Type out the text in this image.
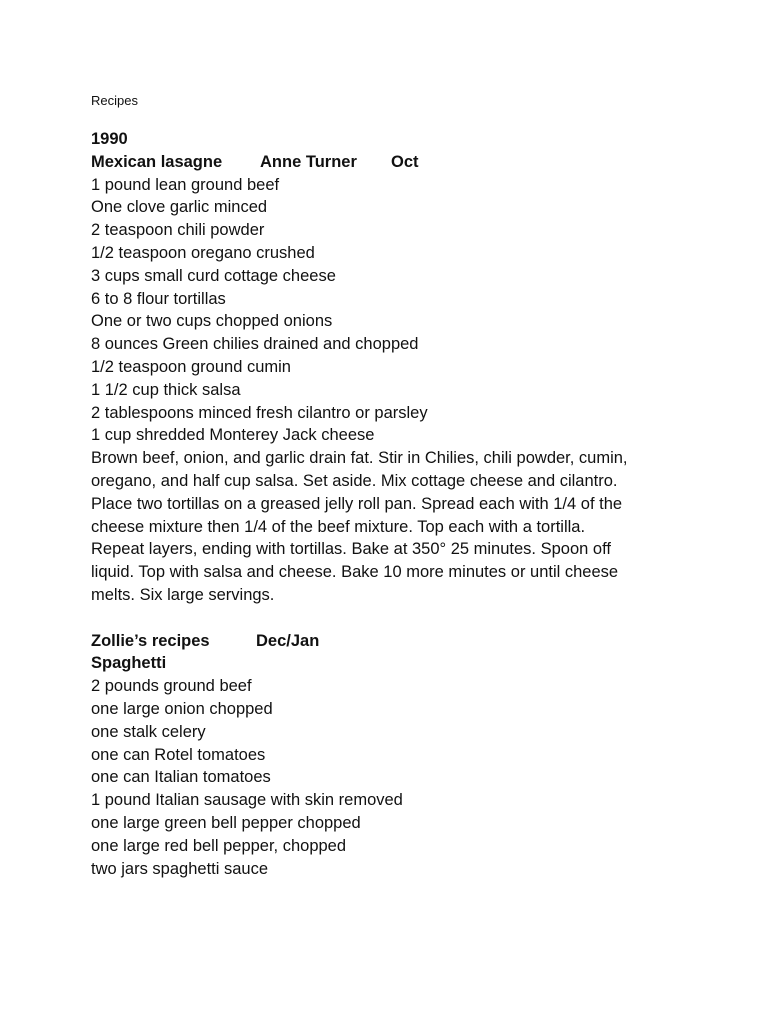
Recipes
1990
Mexican lasagne Anne Turner Oct
1 pound lean ground beef
One clove garlic minced
2 teaspoon chili powder
1/2 teaspoon oregano crushed
3 cups small curd cottage cheese
6 to 8 flour tortillas
One or two cups chopped onions
8 ounces Green chilies drained and chopped
1/2 teaspoon ground cumin
1 1/2 cup thick salsa
2 tablespoons minced fresh cilantro or parsley
1 cup shredded Monterey Jack cheese
Brown beef, onion, and garlic drain fat. Stir in Chilies, chili powder, cumin,
oregano, and half cup salsa. Set aside. Mix cottage cheese and cilantro.
Place two tortillas on a greased jelly roll pan. Spread each with 1/4 of the
cheese mixture then 1/4 of the beef mixture. Top each with a tortilla.
Repeat layers, ending with tortillas. Bake at 350° 25 minutes. Spoon off
liquid. Top with salsa and cheese. Bake 10 more minutes or until cheese
melts. Six large servings.
Zollie’s recipes	Dec/Jan
Spaghetti
2 pounds ground beef
one large onion chopped
one stalk celery
one can Rotel tomatoes
one can Italian tomatoes
1 pound Italian sausage with skin removed
one large green bell pepper chopped
one large red bell pepper, chopped
two jars spaghetti sauce
